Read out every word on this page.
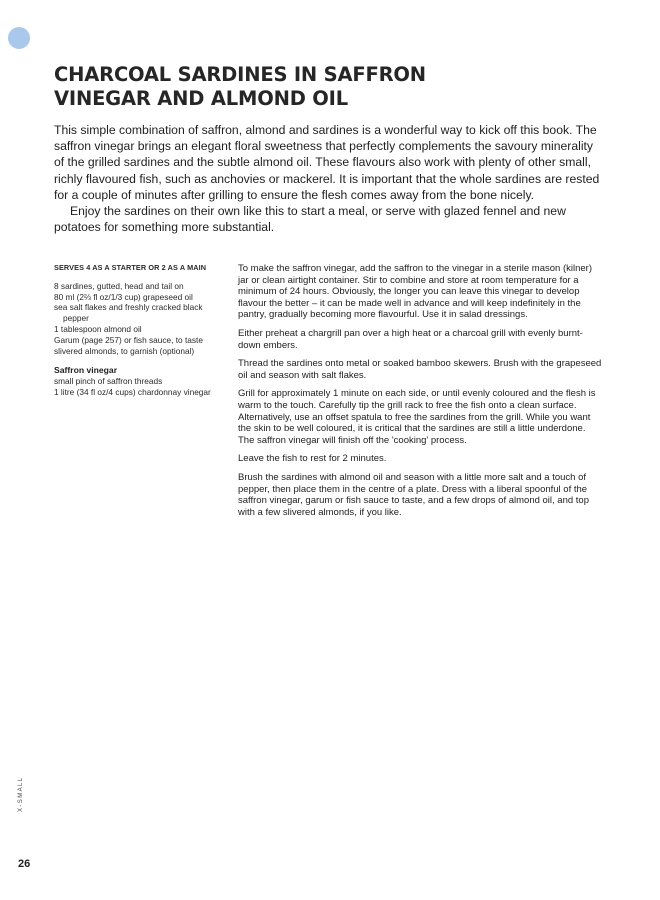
CHARCOAL SARDINES IN SAFFRON
VINEGAR AND ALMOND OIL

This simple combination of saffron, almond and sardines is a wonderful way to kick off this book. The saffron vinegar brings an elegant floral sweetness that perfectly complements the savoury minerality of the grilled sardines and the subtle almond oil. These flavours also work with plenty of other small, richly flavoured fish, such as anchovies or mackerel. It is important that the whole sardines are rested for a couple of minutes after grilling to ensure the flesh comes away from the bone nicely.

Enjoy the sardines on their own like this to start a meal, or serve with glazed fennel and new potatoes for something more substantial.

SERVES 4 AS A STARTER OR 2 AS A MAIN

8 sardines, gutted, head and tail on
80 ml (2⅔ fl oz/1/3 cup) grapeseed oil
sea salt flakes and freshly cracked black pepper
1 tablespoon almond oil
Garum (page 257) or fish sauce, to taste
slivered almonds, to garnish (optional)

Saffron vinegar

small pinch of saffron threads
1 litre (34 fl oz/4 cups) chardonnay vinegar

To make the saffron vinegar, add the saffron to the vinegar in a sterile mason (kilner) jar or clean airtight container. Stir to combine and store at room temperature for a minimum of 24 hours. Obviously, the longer you can leave this vinegar to develop flavour the better – it can be made well in advance and will keep indefinitely in the pantry, gradually becoming more flavourful. Use it in salad dressings.

Either preheat a chargrill pan over a high heat or a charcoal grill with evenly burnt-down embers.

Thread the sardines onto metal or soaked bamboo skewers. Brush with the grapeseed oil and season with salt flakes.

Grill for approximately 1 minute on each side, or until evenly coloured and the flesh is warm to the touch. Carefully tip the grill rack to free the fish onto a clean surface. Alternatively, use an offset spatula to free the sardines from the grill. While you want the skin to be well coloured, it is critical that the sardines are still a little underdone. The saffron vinegar will finish off the 'cooking' process.

Leave the fish to rest for 2 minutes.

Brush the sardines with almond oil and season with a little more salt and a touch of pepper, then place them in the centre of a plate. Dress with a liberal spoonful of the saffron vinegar, garum or fish sauce to taste, and a few drops of almond oil, and top with a few slivered almonds, if you like.

X-SMALL
26
